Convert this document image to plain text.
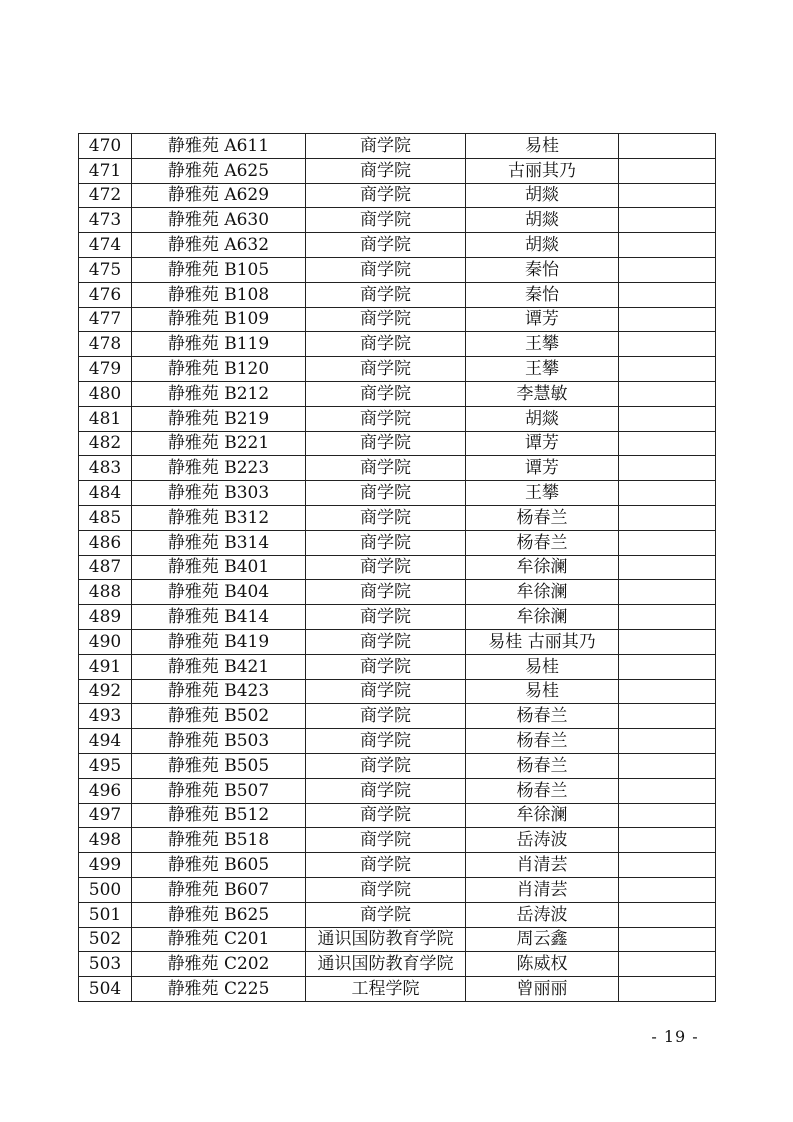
470	静雅苑 A611	商学院	易桂	
471	静雅苑 A625	商学院	古丽其乃	
472	静雅苑 A629	商学院	胡燚	
473	静雅苑 A630	商学院	胡燚	
474	静雅苑 A632	商学院	胡燚	
475	静雅苑 B105	商学院	秦怡	
476	静雅苑 B108	商学院	秦怡	
477	静雅苑 B109	商学院	谭芳	
478	静雅苑 B119	商学院	王攀	
479	静雅苑 B120	商学院	王攀	
480	静雅苑 B212	商学院	李慧敏	
481	静雅苑 B219	商学院	胡燚	
482	静雅苑 B221	商学院	谭芳	
483	静雅苑 B223	商学院	谭芳	
484	静雅苑 B303	商学院	王攀	
485	静雅苑 B312	商学院	杨春兰	
486	静雅苑 B314	商学院	杨春兰	
487	静雅苑 B401	商学院	牟徐澜	
488	静雅苑 B404	商学院	牟徐澜	
489	静雅苑 B414	商学院	牟徐澜	
490	静雅苑 B419	商学院	易桂 古丽其乃	
491	静雅苑 B421	商学院	易桂	
492	静雅苑 B423	商学院	易桂	
493	静雅苑 B502	商学院	杨春兰	
494	静雅苑 B503	商学院	杨春兰	
495	静雅苑 B505	商学院	杨春兰	
496	静雅苑 B507	商学院	杨春兰	
497	静雅苑 B512	商学院	牟徐澜	
498	静雅苑 B518	商学院	岳涛波	
499	静雅苑 B605	商学院	肖清芸	
500	静雅苑 B607	商学院	肖清芸	
501	静雅苑 B625	商学院	岳涛波	
502	静雅苑 C201	通识国防教育学院	周云鑫	
503	静雅苑 C202	通识国防教育学院	陈威权	
504	静雅苑 C225	工程学院	曾丽丽	
- 19 -
